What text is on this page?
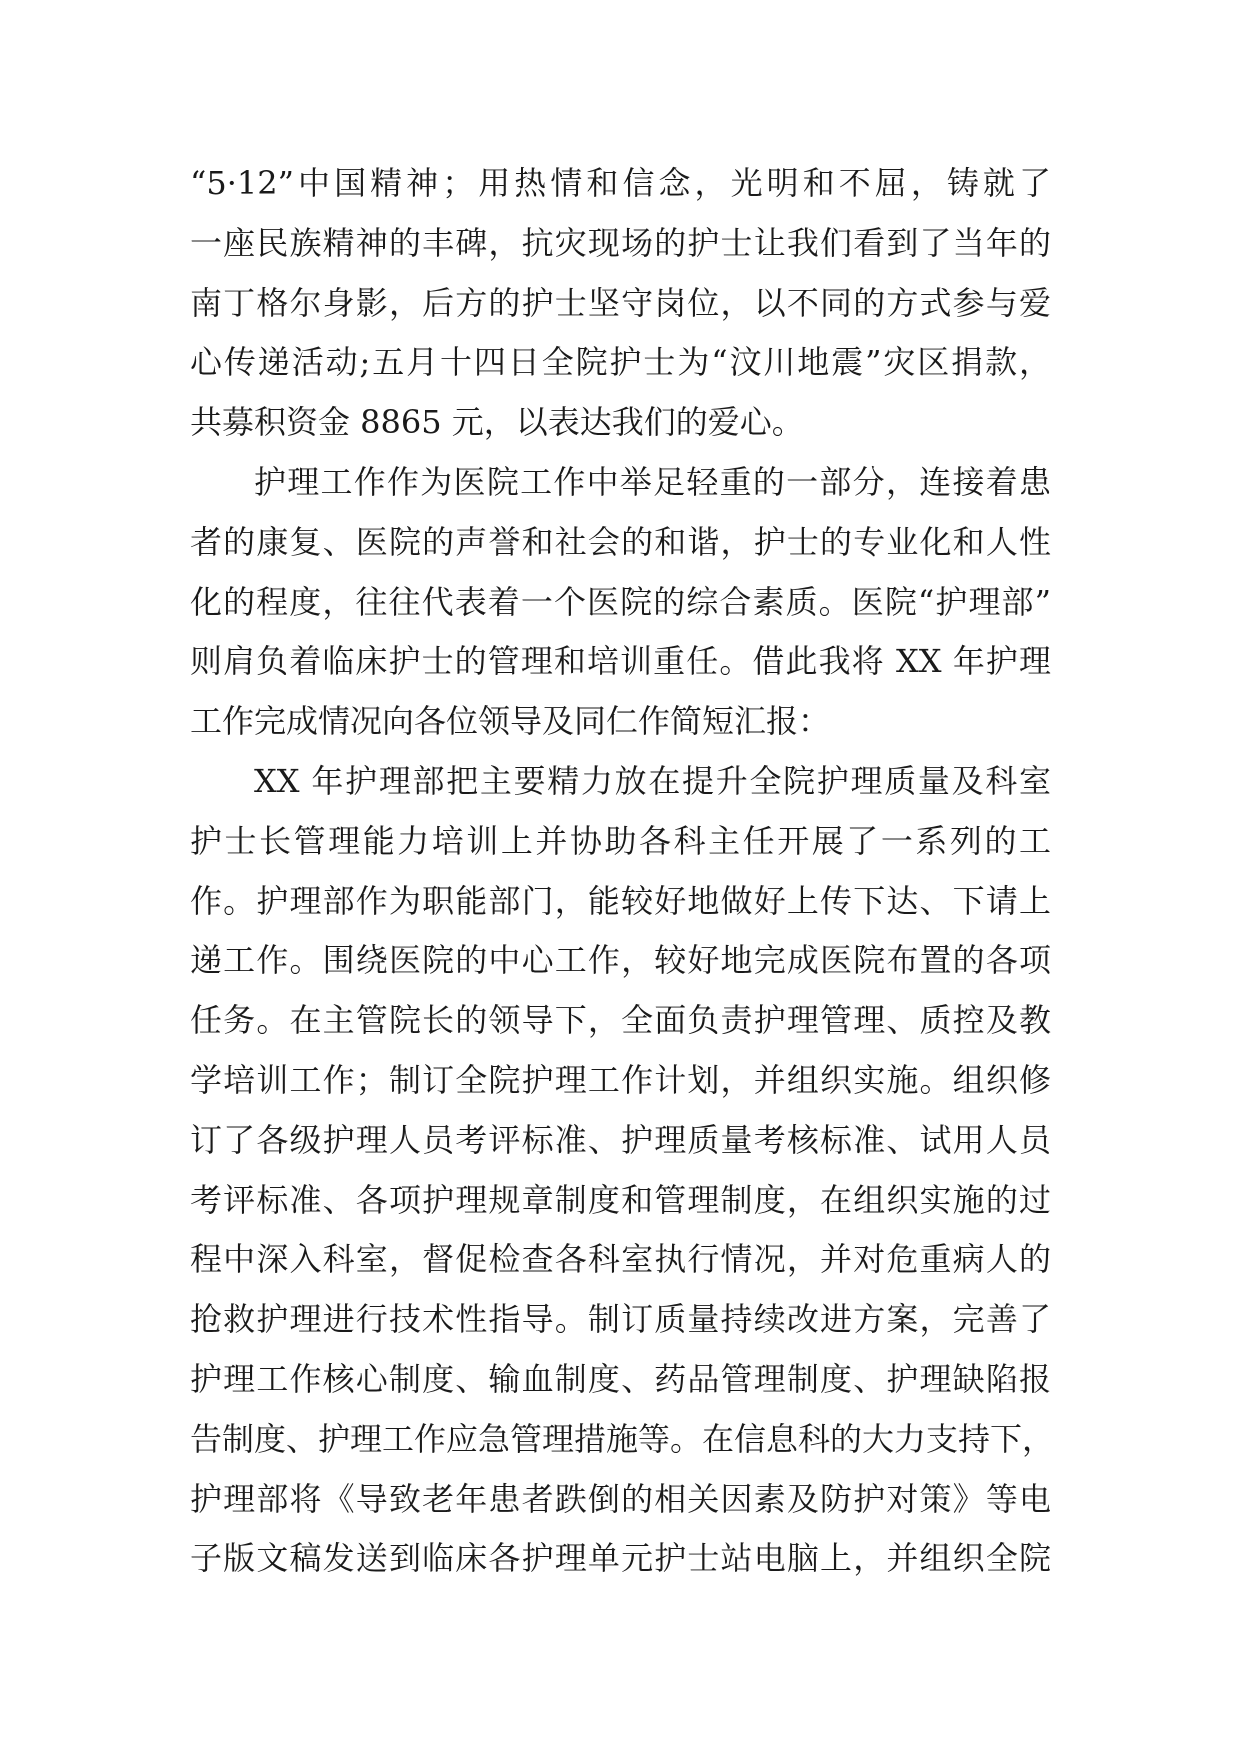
“5·12”中国精神；用热情和信念，光明和不屈，铸就了
一座民族精神的丰碑，抗灾现场的护士让我们看到了当年的
南丁格尔身影，后方的护士坚守岗位，以不同的方式参与爱
心传递活动;五月十四日全院护士为“汶川地震”灾区捐款，
共募积资金 8865 元，以表达我们的爱心。
护理工作作为医院工作中举足轻重的一部分，连接着患
者的康复、医院的声誉和社会的和谐，护士的专业化和人性
化的程度，往往代表着一个医院的综合素质。医院“护理部”
则肩负着临床护士的管理和培训重任。借此我将 XX 年护理
工作完成情况向各位领导及同仁作简短汇报：
XX 年护理部把主要精力放在提升全院护理质量及科室
护士长管理能力培训上并协助各科主任开展了一系列的工
作。护理部作为职能部门，能较好地做好上传下达、下请上
递工作。围绕医院的中心工作，较好地完成医院布置的各项
任务。在主管院长的领导下，全面负责护理管理、质控及教
学培训工作；制订全院护理工作计划，并组织实施。组织修
订了各级护理人员考评标准、护理质量考核标准、试用人员
考评标准、各项护理规章制度和管理制度，在组织实施的过
程中深入科室，督促检查各科室执行情况，并对危重病人的
抢救护理进行技术性指导。制订质量持续改进方案，完善了
护理工作核心制度、输血制度、药品管理制度、护理缺陷报
告制度、护理工作应急管理措施等。在信息科的大力支持下，
护理部将《导致老年患者跌倒的相关因素及防护对策》等电
子版文稿发送到临床各护理单元护士站电脑上，并组织全院
